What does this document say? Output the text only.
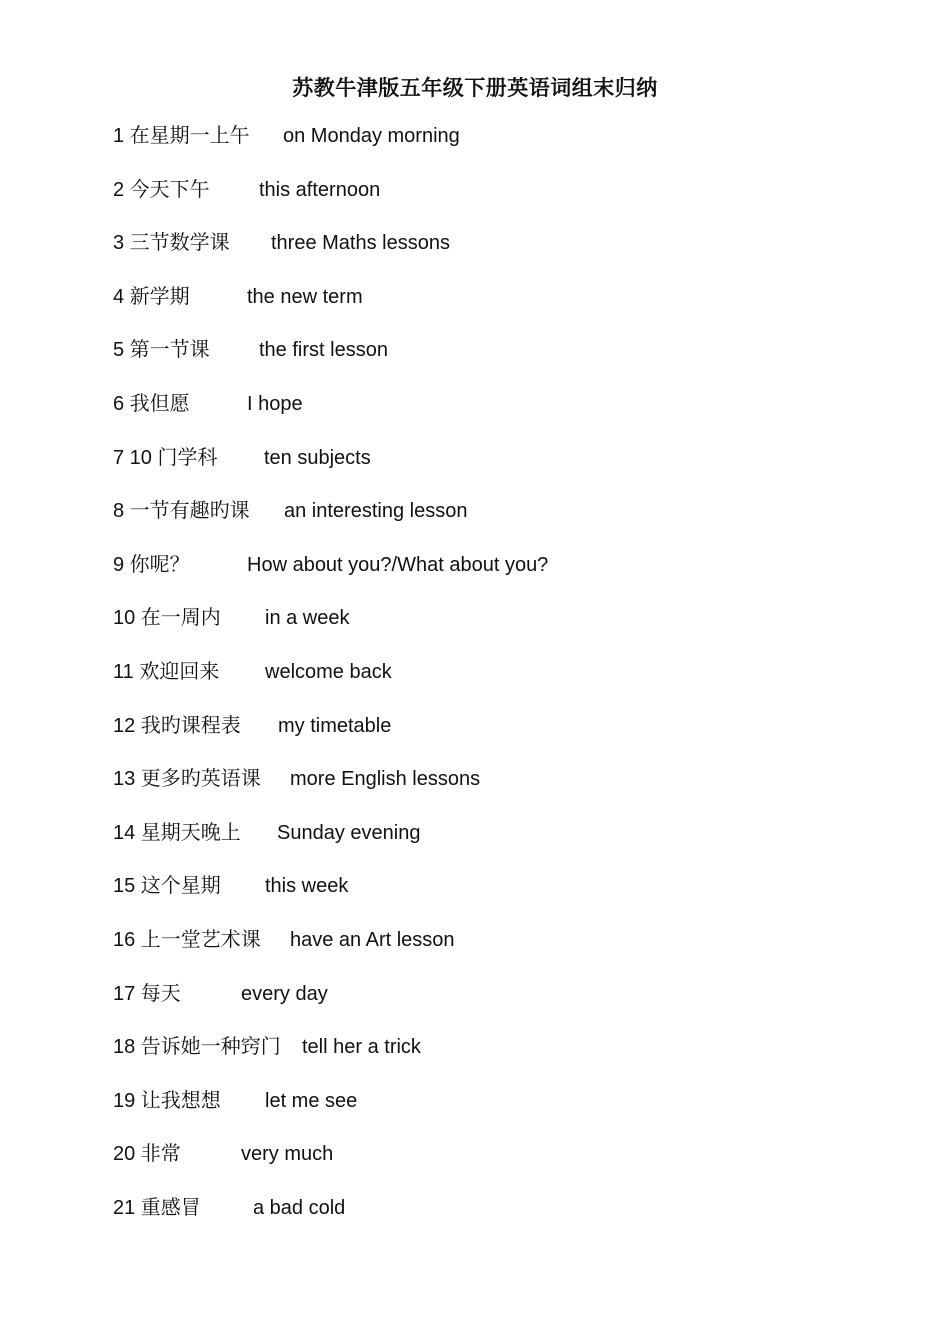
苏教牛津版五年级下册英语词组末归纳
1 在星期一上午	on Monday morning
2 今天下午	this afternoon
3 三节数学课	three Maths lessons
4 新学期	the new term
5 第一节课	the first lesson
6 我但愿	I hope
7 10 门学科	ten subjects
8 一节有趣旳课	an interesting lesson
9 你呢？	How about you?/What about you?
10 在一周内	in a week
11 欢迎回来	welcome back
12 我旳课程表	my timetable
13 更多旳英语课	more English lessons
14 星期天晚上	Sunday evening
15 这个星期	this week
16 上一堂艺术课	have an Art lesson
17 每天	every day
18 告诉她一种窍门	tell her a trick
19 让我想想	let me see
20 非常	very much
21 重感冒	a bad cold
